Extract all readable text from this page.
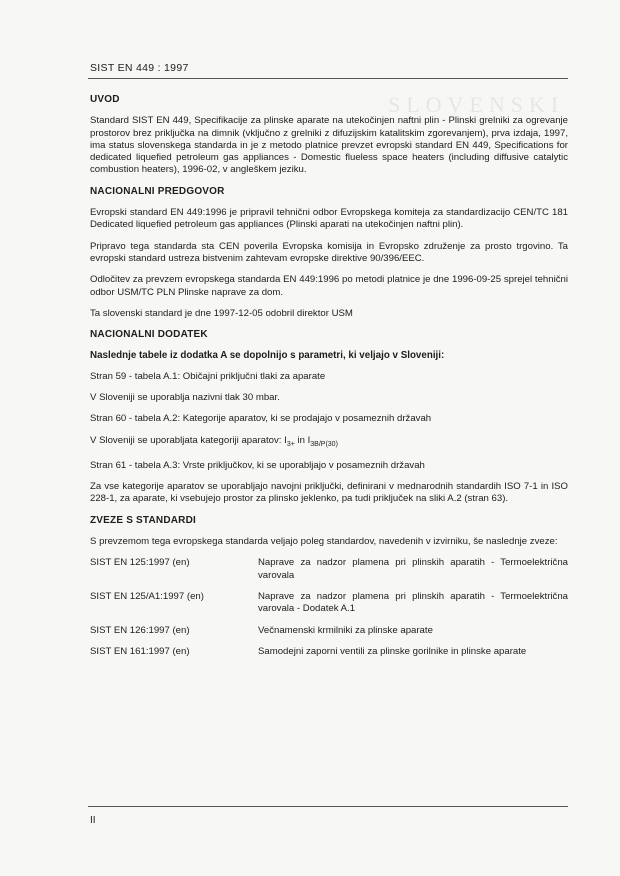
SIST EN 449 : 1997
SLOVENSKI
UVOD
Standard SIST EN 449, Specifikacije za plinske aparate na utekočinjen naftni plin - Plinski grelniki za ogrevanje prostorov brez priključka na dimnik (vključno z grelniki z difuzijskim katalitskim zgorevanjem), prva izdaja, 1997, ima status slovenskega standarda in je z metodo platnice prevzet evropski standard EN 449, Specifications for dedicated liquefied petroleum gas appliances - Domestic flueless space heaters (including diffusive catalytic combustion heaters), 1996-02, v angleškem jeziku.
NACIONALNI PREDGOVOR
Evropski standard EN 449:1996 je pripravil tehnični odbor Evropskega komiteja za standardizacijo CEN/TC 181 Dedicated liquefied petroleum gas appliances (Plinski aparati na utekočinjen naftni plin).
Pripravo tega standarda sta CEN poverila Evropska komisija in Evropsko združenje za prosto trgovino. Ta evropski standard ustreza bistvenim zahtevam evropske direktive 90/396/EEC.
Odločitev za prevzem evropskega standarda EN 449:1996 po metodi platnice je dne 1996-09-25 sprejel tehnični odbor USM/TC PLN Plinske naprave za dom.
Ta slovenski standard je dne 1997-12-05 odobril direktor USM
NACIONALNI DODATEK
Naslednje tabele iz dodatka A se dopolnijo s parametri, ki veljajo v Sloveniji:
Stran 59 - tabela A.1: Običajni priključni tlaki za aparate
V Sloveniji se uporablja nazivni tlak 30 mbar.
Stran 60 - tabela A.2: Kategorije aparatov, ki se prodajajo v posameznih državah
V Sloveniji se uporabljata kategoriji aparatov: $I_{3+}$ in $I_{3B/P(30)}$
Stran 61 - tabela A.3: Vrste priključkov, ki se uporabljajo v posameznih državah
Za vse kategorije aparatov se uporabljajo navojni priključki, definirani v mednarodnih standardih ISO 7-1 in ISO 228-1, za aparate, ki vsebujejo prostor za plinsko jeklenko, pa tudi priključek na sliki A.2 (stran 63).
ZVEZE S STANDARDI
S prevzemom tega evropskega standarda veljajo poleg standardov, navedenih v izvirniku, še naslednje zveze:
SIST EN 125:1997 (en)	Naprave za nadzor plamena pri plinskih aparatih - Termoelektrična varovala
SIST EN 125/A1:1997 (en)	Naprave za nadzor plamena pri plinskih aparatih - Termoelektrična varovala - Dodatek A.1
SIST EN 126:1997 (en)	Večnamenski krmilniki za plinske aparate
SIST EN 161:1997 (en)	Samodejni zaporni ventili za plinske gorilnike in plinske aparate
II
